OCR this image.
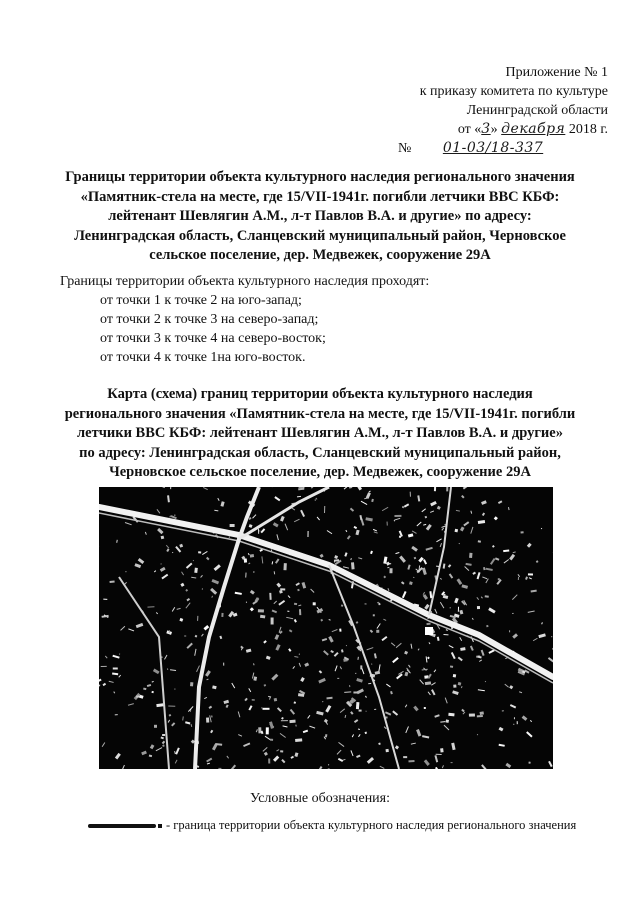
Приложение № 1
к приказу комитета по культуре
Ленинградской области
от «3» декабря 2018 г.
№ 01-03/18-337
Границы территории объекта культурного наследия регионального значения
«Памятник-стела на месте, где 15/VII-1941г. погибли летчики ВВС КБФ:
лейтенант Шевлягин А.М., л-т Павлов В.А. и другие» по адресу:
Ленинградская область, Сланцевский муниципальный район, Черновское
сельское поселение, дер. Медвежек, сооружение 29А
Границы территории объекта культурного наследия проходят:
от точки 1 к точке 2 на юго-запад;
от точки 2 к точке 3 на северо-запад;
от точки 3 к точке 4 на северо-восток;
от точки 4 к точке 1на юго-восток.
Карта (схема) границ территории объекта культурного наследия
регионального значения «Памятник-стела на месте, где 15/VII-1941г. погибли
летчики ВВС КБФ: лейтенант Шевлягин А.М., л-т Павлов В.А. и другие»
по адресу: Ленинградская область, Сланцевский муниципальный район,
Черновское сельское поселение, дер. Медвежек, сооружение 29А
Условные обозначения:
- граница территории объекта культурного наследия регионального значения
